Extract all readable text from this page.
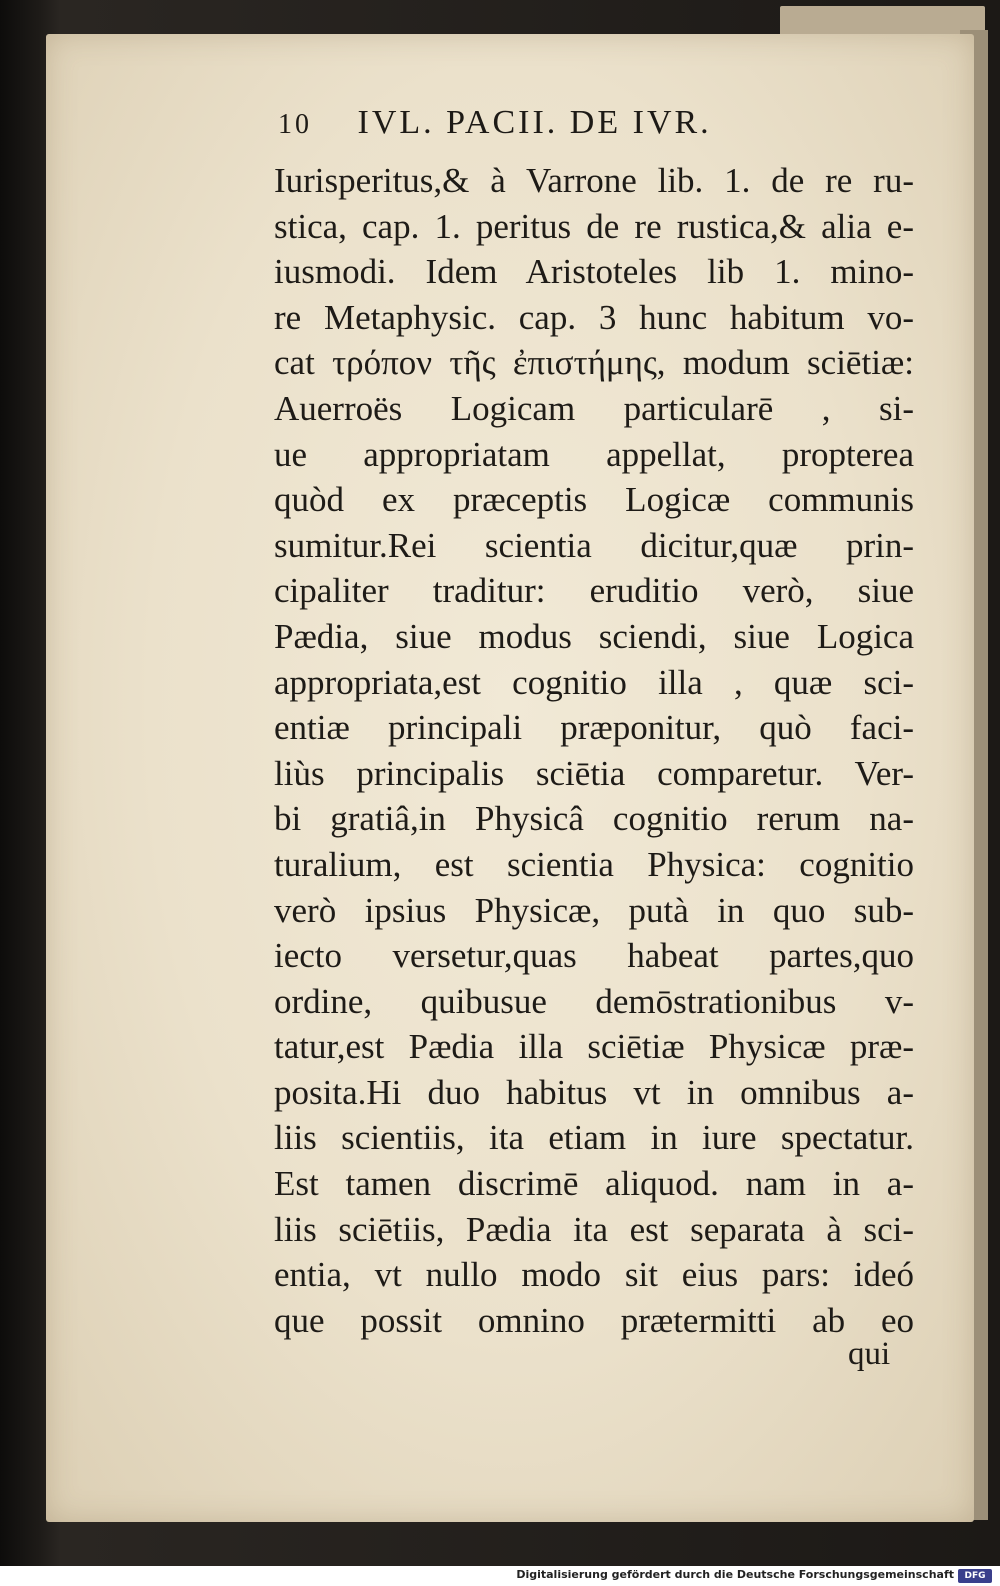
10 IVL. PACII. DE IVR.
Iurisperitus,& à Varrone lib. 1. de re ru-
stica, cap. 1. peritus de re rustica,& alia e-
iusmodi. Idem Aristoteles lib 1. mino-
re Metaphysic. cap. 3 hunc habitum vo-
cat τρόπον τῆς ἐπιστήμης, modum sciētiæ:
Auerroës Logicam particularē , si-
ue appropriatam appellat, propterea
quòd ex præceptis Logicæ communis
sumitur.Rei scientia dicitur,quæ prin-
cipaliter traditur: eruditio verò, siue
Pædia, siue modus sciendi, siue Logica
appropriata,est cognitio illa , quæ sci-
entiæ principali præponitur, quò faci-
liùs principalis sciētia comparetur. Ver-
bi gratiâ,in Physicâ cognitio rerum na-
turalium, est scientia Physica: cognitio
verò ipsius Physicæ, putà in quo sub-
iecto versetur,quas habeat partes,quo
ordine, quibusue demōstrationibus v-
tatur,est Pædia illa sciētiæ Physicæ præ-
posita.Hi duo habitus vt in omnibus a-
liis scientiis, ita etiam in iure spectatur.
Est tamen discrimē aliquod. nam in a-
liis sciētiis, Pædia ita est separata à sci-
entia, vt nullo modo sit eius pars: ideó
que possit omnino prætermitti ab eo
qui
Digitalisierung gefördert durch die Deutsche Forschungsgemeinschaft	DFG
